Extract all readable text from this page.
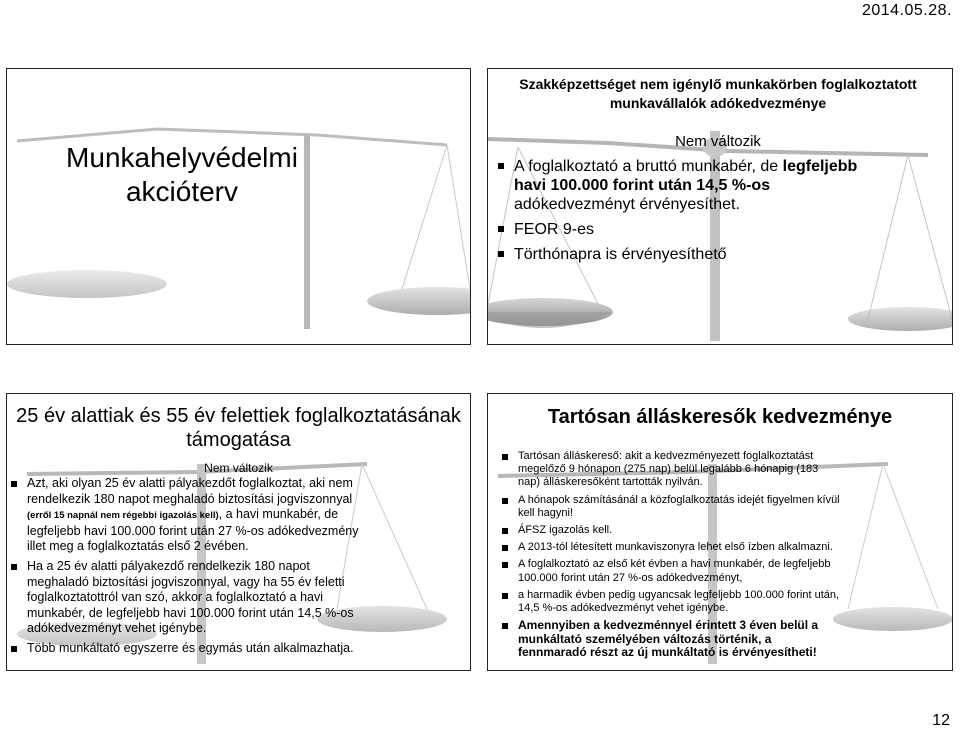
2014.05.28.
Munkahelyvédelmi akcióterv
Szakképzettséget nem igénylő munkakörben foglalkoztatott munkavállalók adókedvezménye
Nem változik
A foglalkoztató a bruttó munkabér, de legfeljebb havi 100.000 forint után 14,5 %-os adókedvezményt érvényesíthet.
FEOR 9-es
Törthónapra is érvényesíthető
25 év alattiak és 55 év felettiek foglalkoztatásának támogatása
Nem változik
Azt, aki olyan 25 év alatti pályakezdőt foglalkoztat, aki nem rendelkezik 180 napot meghaladó biztosítási jogviszonnyal (erről 15 napnál nem régebbi igazolás kell), a havi munkabér, de legfeljebb havi 100.000 forint után 27 %-os adókedvezmény illet meg a foglalkoztatás első 2 évében.
Ha a 25 év alatti pályakezdő rendelkezik 180 napot meghaladó biztosítási jogviszonnyal, vagy ha 55 év feletti foglalkoztatottról van szó, akkor a foglalkoztató a havi munkabér, de legfeljebb havi 100.000 forint után 14,5 %-os adókedvezményt vehet igénybe.
Több munkáltató egyszerre és egymás után alkalmazhatja.
Tartósan álláskeresők kedvezménye
Tartósan álláskereső: akit a kedvezményezett foglalkoztatást megelőző 9 hónapon (275 nap) belül legalább 6 hónapig (183 nap) álláskeresőként tartották nyilván.
A hónapok számításánál a közfoglalkoztatás idejét figyelmen kívül kell hagyni!
ÁFSZ igazolás kell.
A 2013-tól létesített munkaviszonyra lehet első ízben alkalmazni.
A foglalkoztató az első két évben a havi munkabér, de legfeljebb 100.000 forint után 27 %-os adókedvezményt,
a harmadik évben pedig ugyancsak legfeljebb 100.000 forint után, 14,5 %-os adókedvezményt vehet igénybe.
Amennyiben a kedvezménnyel érintett 3 éven belül a munkáltató személyében változás történik, a fennmaradó részt az új munkáltató is érvényesítheti!
12
